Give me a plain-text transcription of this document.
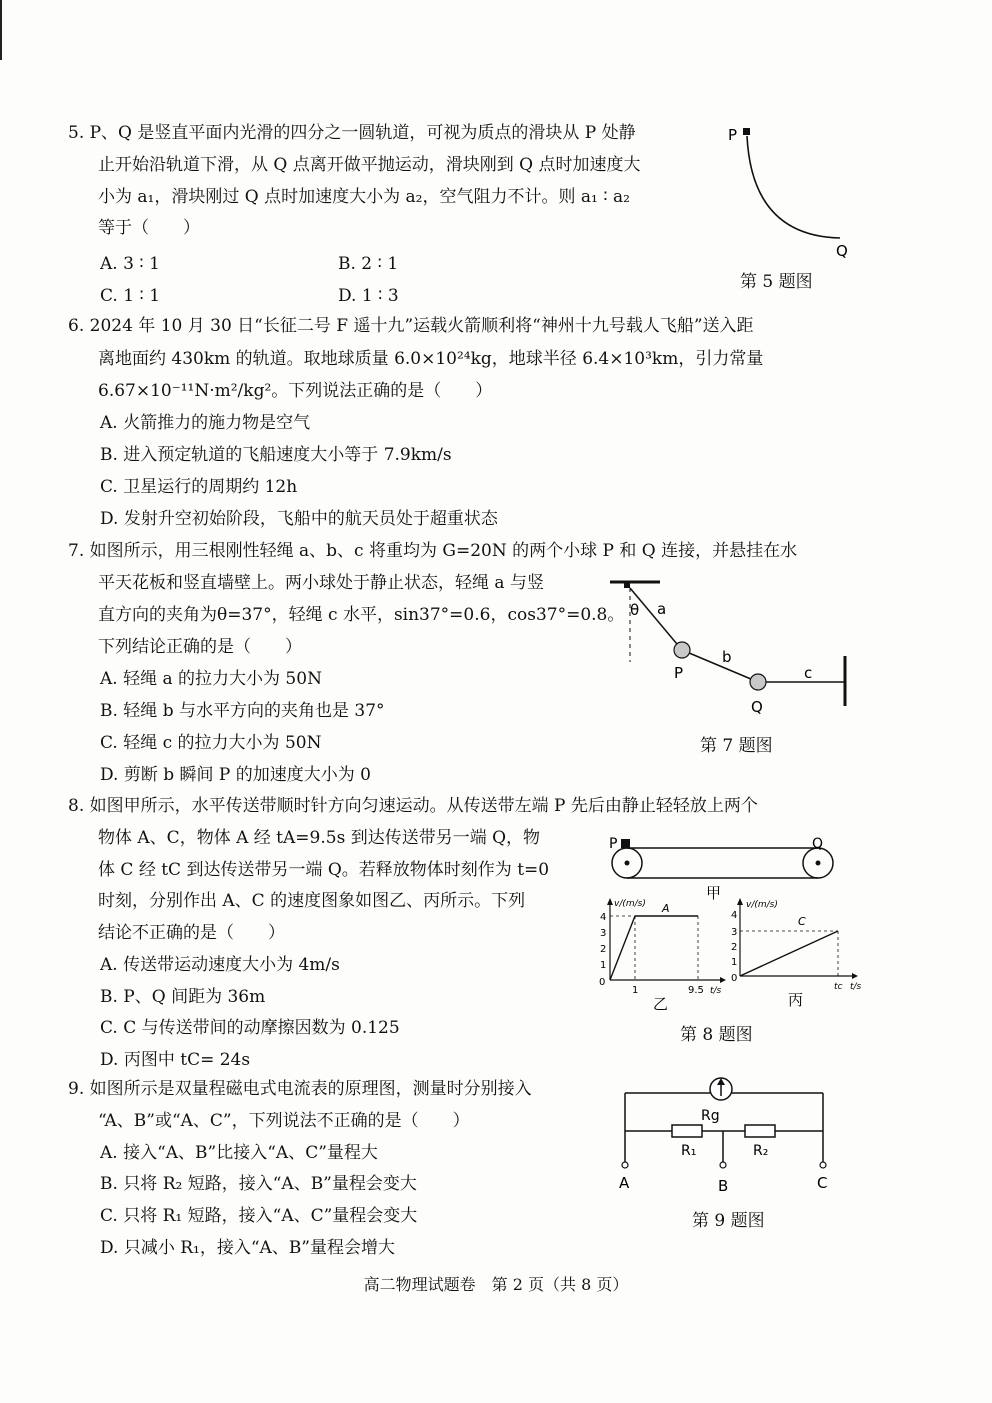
5. P、Q 是竖直平面内光滑的四分之一圆轨道，可视为质点的滑块从 P 处静
止开始沿轨道下滑，从 Q 点离开做平抛运动，滑块刚到 Q 点时加速度大
小为 a₁，滑块刚过 Q 点时加速度大小为 a₂，空气阻力不计。则 a₁ ∶ a₂
等于（　　）
A. 3 ∶ 1	B. 2 ∶ 1
C. 1 ∶ 1	D. 1 ∶ 3
P
Q
第 5 题图
6. 2024 年 10 月 30 日“长征二号 F 遥十九”运载火箭顺利将“神州十九号载人飞船”送入距
离地面约 430km 的轨道。取地球质量 6.0×10²⁴kg，地球半径 6.4×10³km，引力常量
6.67×10⁻¹¹N·m²/kg²。下列说法正确的是（　　）
A. 火箭推力的施力物是空气
B. 进入预定轨道的飞船速度大小等于 7.9km/s
C. 卫星运行的周期约 12h
D. 发射升空初始阶段，飞船中的航天员处于超重状态
7. 如图所示，用三根刚性轻绳 a、b、c 将重均为 G=20N 的两个小球 P 和 Q 连接，并悬挂在水
平天花板和竖直墙壁上。两小球处于静止状态，轻绳 a 与竖
直方向的夹角为θ=37°，轻绳 c 水平，sin37°=0.6，cos37°=0.8。
下列结论正确的是（　　）
A. 轻绳 a 的拉力大小为 50N
B. 轻绳 b 与水平方向的夹角也是 37°
C. 轻绳 c 的拉力大小为 50N
D. 剪断 b 瞬间 P 的加速度大小为 0
θ a
P
b
Q
c
第 7 题图
8. 如图甲所示，水平传送带顺时针方向匀速运动。从传送带左端 P 先后由静止轻轻放上两个
物体 A、C，物体 A 经 tA=9.5s 到达传送带另一端 Q，物
体 C 经 tC 到达传送带另一端 Q。若释放物体时刻作为 t=0
时刻，分别作出 A、C 的速度图象如图乙、丙所示。下列
结论不正确的是（　　）
A. 传送带运动速度大小为 4m/s
B. P、Q 间距为 36m
C. C 与传送带间的动摩擦因数为 0.125
D. 丙图中 tC= 24s
P	Q
甲
4
3
2
1
0
1	9.5
v/(m/s)
t/s
A
乙
4
3
2
1
0
tc
v/(m/s)
t/s
C
丙
第 8 题图
9. 如图所示是双量程磁电式电流表的原理图，测量时分别接入
“A、B”或“A、C”，下列说法不正确的是（　　）
A. 接入“A、B”比接入“A、C”量程大
B. 只将 R₂ 短路，接入“A、B”量程会变大
C. 只将 R₁ 短路，接入“A、C”量程会变大
D. 只减小 R₁，接入“A、B”量程会增大
Rg
R₁	R₂
A	B	C
第 9 题图
高二物理试题卷　第 2 页（共 8 页）
